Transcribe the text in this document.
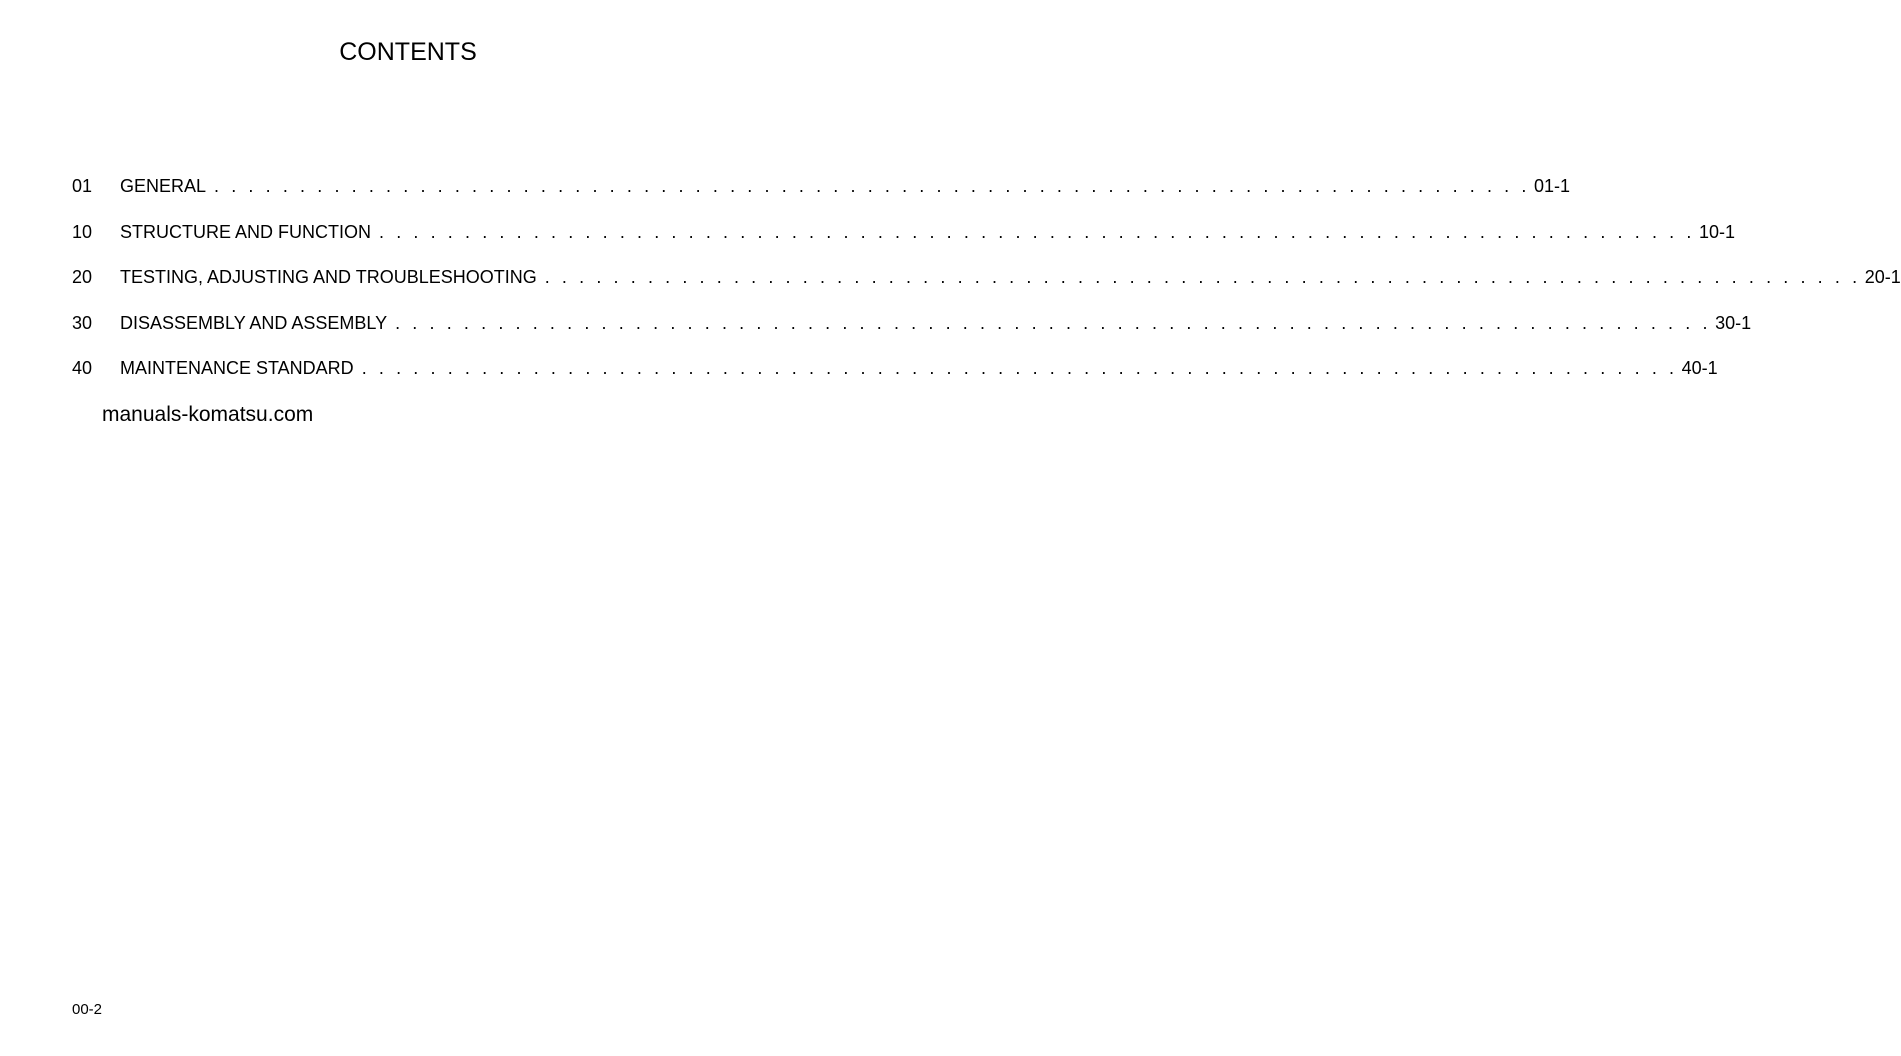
CONTENTS
01	GENERAL . . . . . . . . . . . . . . . . . . . . . . . . . . . . . . . . . . . . . . . . . . . . . . . . . . . . . . . . . . . . . . . . . . . . . . . . . . . . . 01-1
10	STRUCTURE AND FUNCTION . . . . . . . . . . . . . . . . . . . . . . . . . . . . . . . . . . . . . . . . . . . . . . . . . . . . . . . . . . . . . . . . . . . . . . . . . . . . . 10-1
20	TESTING, ADJUSTING AND TROUBLESHOOTING . . . . . . . . . . . . . . . . . . . . . . . . . . . . . . . . . . . . . . . . . . . . . . . . . . . . . . . . . . . . . . . . . . . . . . . . . . . . . 20-1
30	DISASSEMBLY AND ASSEMBLY . . . . . . . . . . . . . . . . . . . . . . . . . . . . . . . . . . . . . . . . . . . . . . . . . . . . . . . . . . . . . . . . . . . . . . . . . . . . . 30-1
40	MAINTENANCE STANDARD . . . . . . . . . . . . . . . . . . . . . . . . . . . . . . . . . . . . . . . . . . . . . . . . . . . . . . . . . . . . . . . . . . . . . . . . . . . . . 40-1
manuals-komatsu.com
00-2
